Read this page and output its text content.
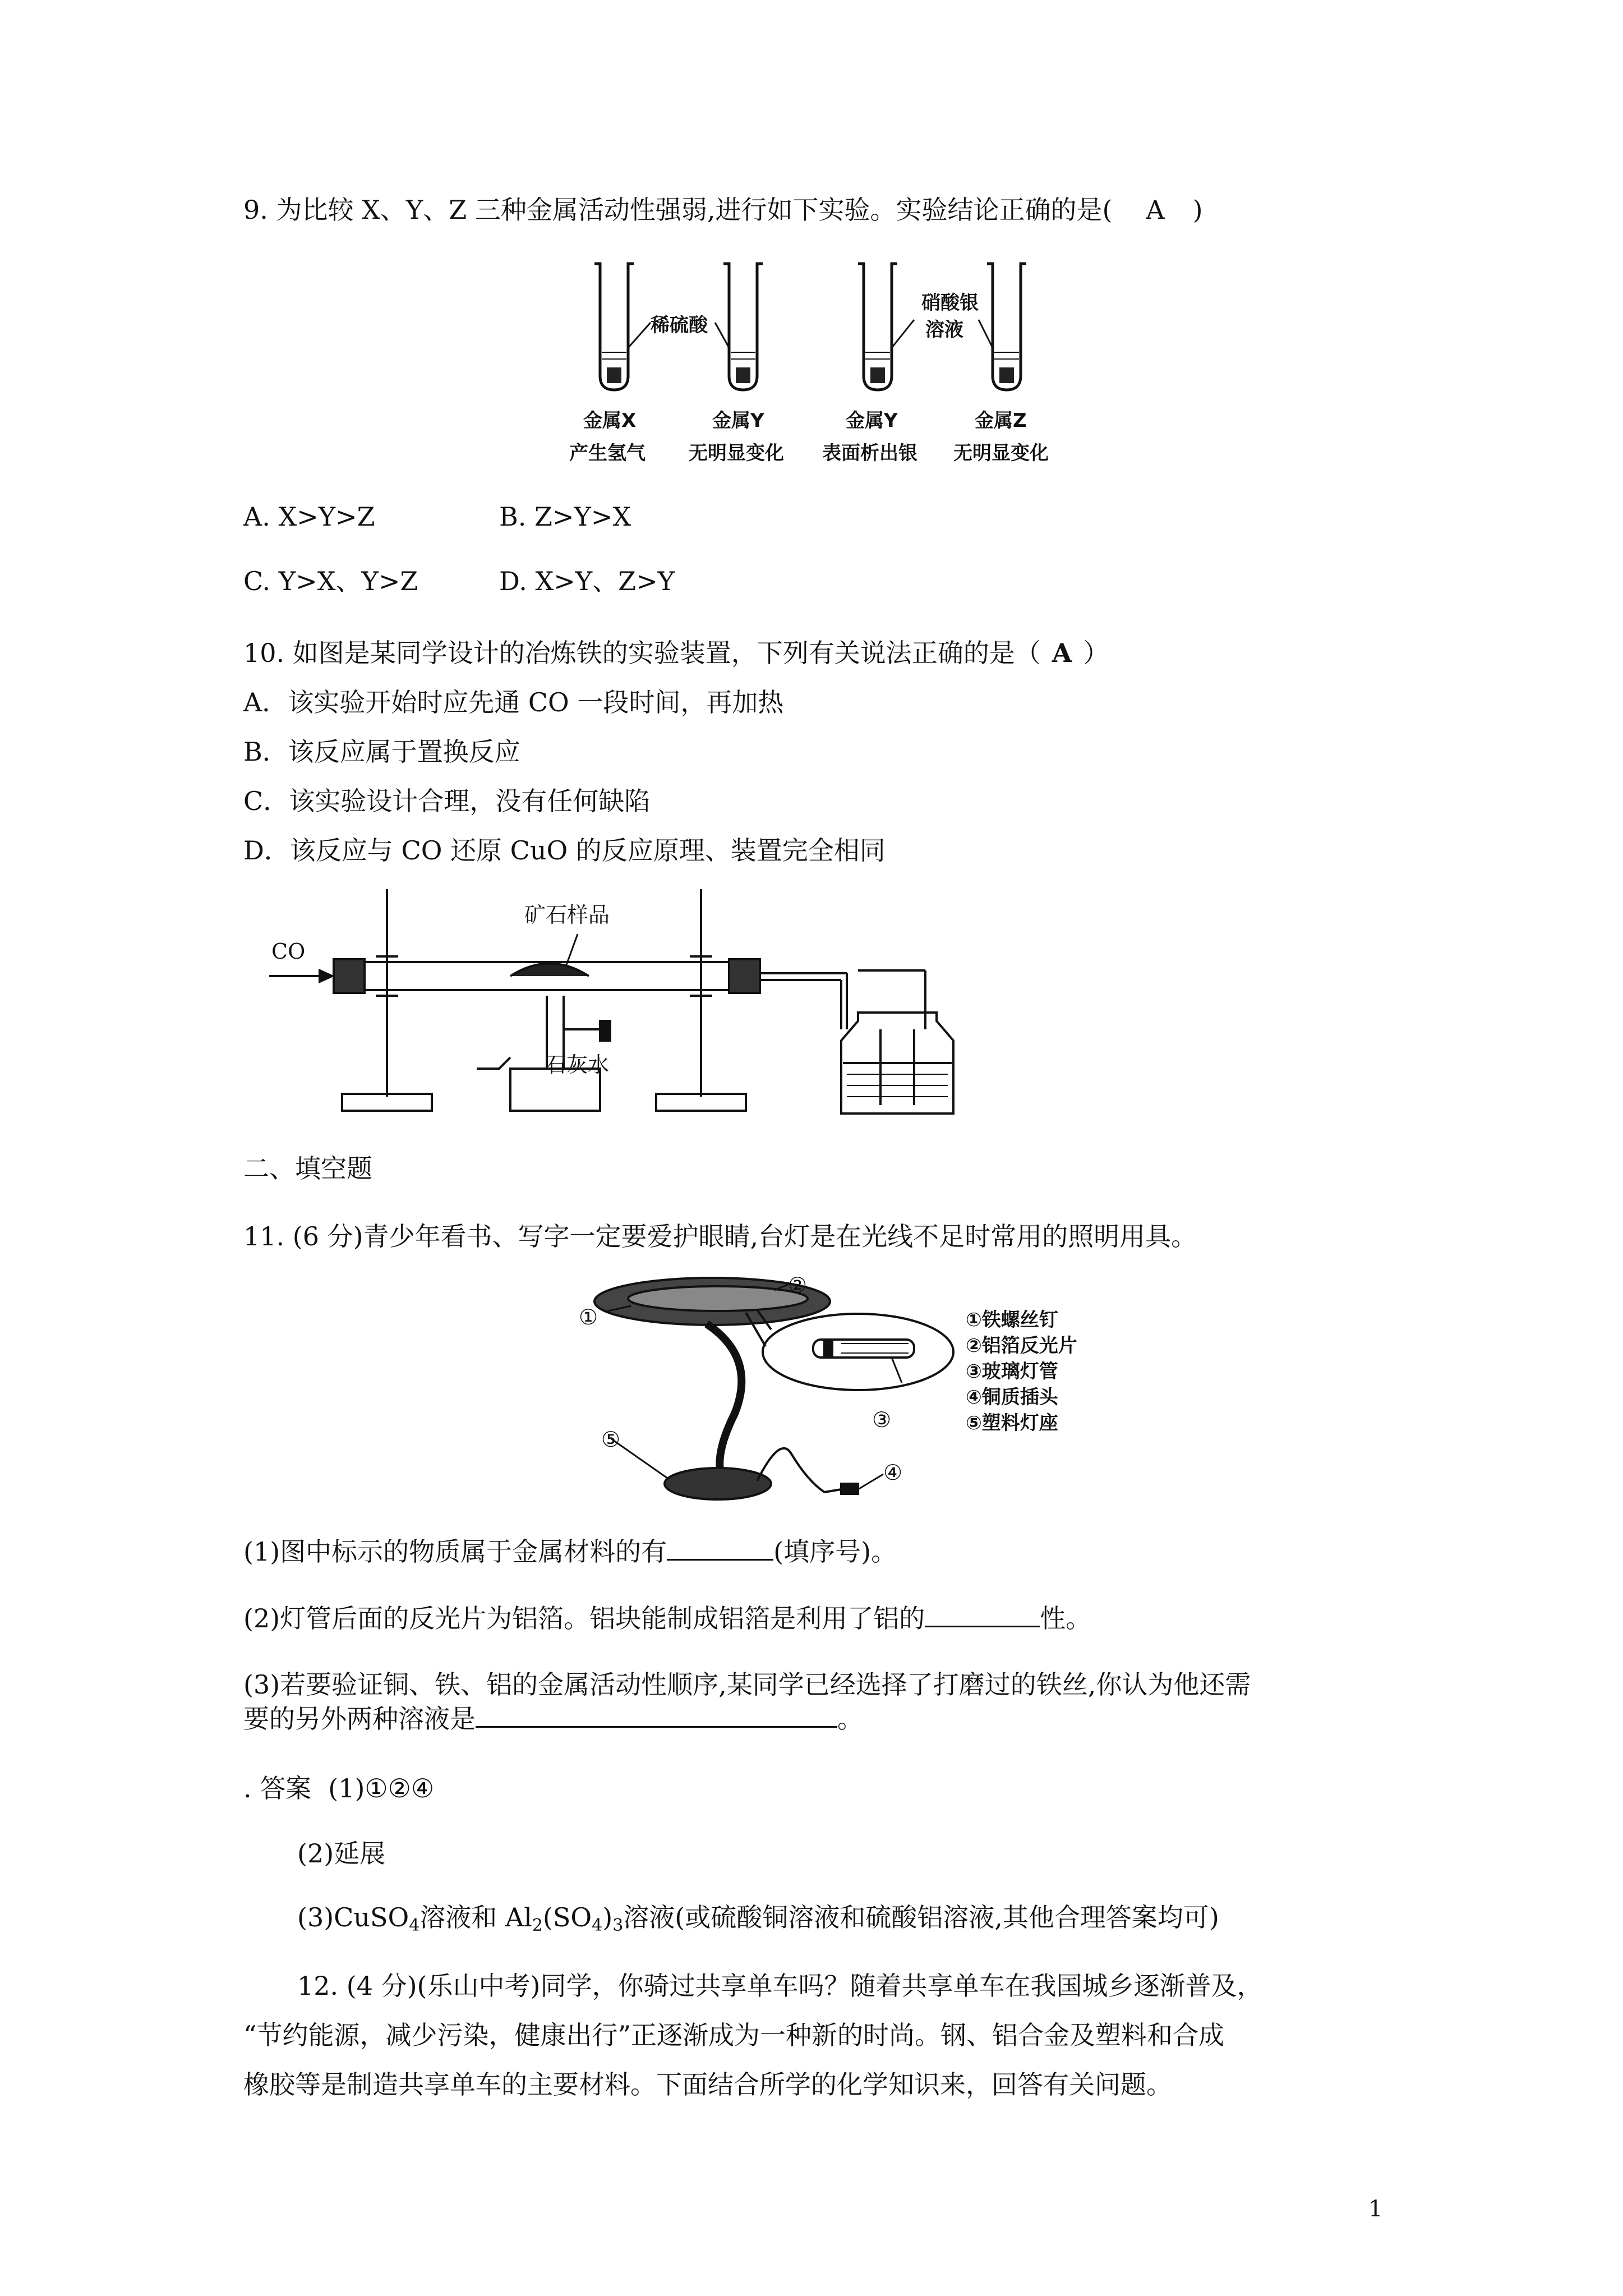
9. 为比较 X、Y、Z 三种金属活动性强弱,进行如下实验。实验结论正确的是( A )
稀硫酸
硝酸银
溶液
金属X
产生氢气
金属Y
无明显变化
金属Y
表面析出银
金属Z
无明显变化
A. X>Y>Z	B. Z>Y>X
C. Y>X、Y>Z	D. X>Y、Z>Y
10. 如图是某同学设计的冶炼铁的实验装置，下列有关说法正确的是（ A ）
A．该实验开始时应先通 CO 一段时间，再加热
B．该反应属于置换反应
C．该实验设计合理，没有任何缺陷
D．该反应与 CO 还原 CuO 的反应原理、装置完全相同
CO
矿石样品
石灰水
二、填空题
11. (6 分)青少年看书、写字一定要爱护眼睛,台灯是在光线不足时常用的照明用具。
①
②
③
④
⑤
①铁螺丝钉
②铝箔反光片
③玻璃灯管
④铜质插头
⑤塑料灯座
(1)图中标示的物质属于金属材料的有	(填序号)。
(2)灯管后面的反光片为铝箔。铝块能制成铝箔是利用了铝的	性。
(3)若要验证铜、铁、铝的金属活动性顺序,某同学已经选择了打磨过的铁丝,你认为他还需
要的另外两种溶液是	。
. 答案 (1)①②④
(2)延展
(3)CuSO$_4$溶液和 $Al_2(SO_4)_3$溶液(或硫酸铜溶液和硫酸铝溶液,其他合理答案均可)
12. (4 分)(乐山中考)同学，你骑过共享单车吗？随着共享单车在我国城乡逐渐普及，
“节约能源，减少污染，健康出行”正逐渐成为一种新的时尚。钢、铝合金及塑料和合成
橡胶等是制造共享单车的主要材料。下面结合所学的化学知识来，回答有关问题。
1
